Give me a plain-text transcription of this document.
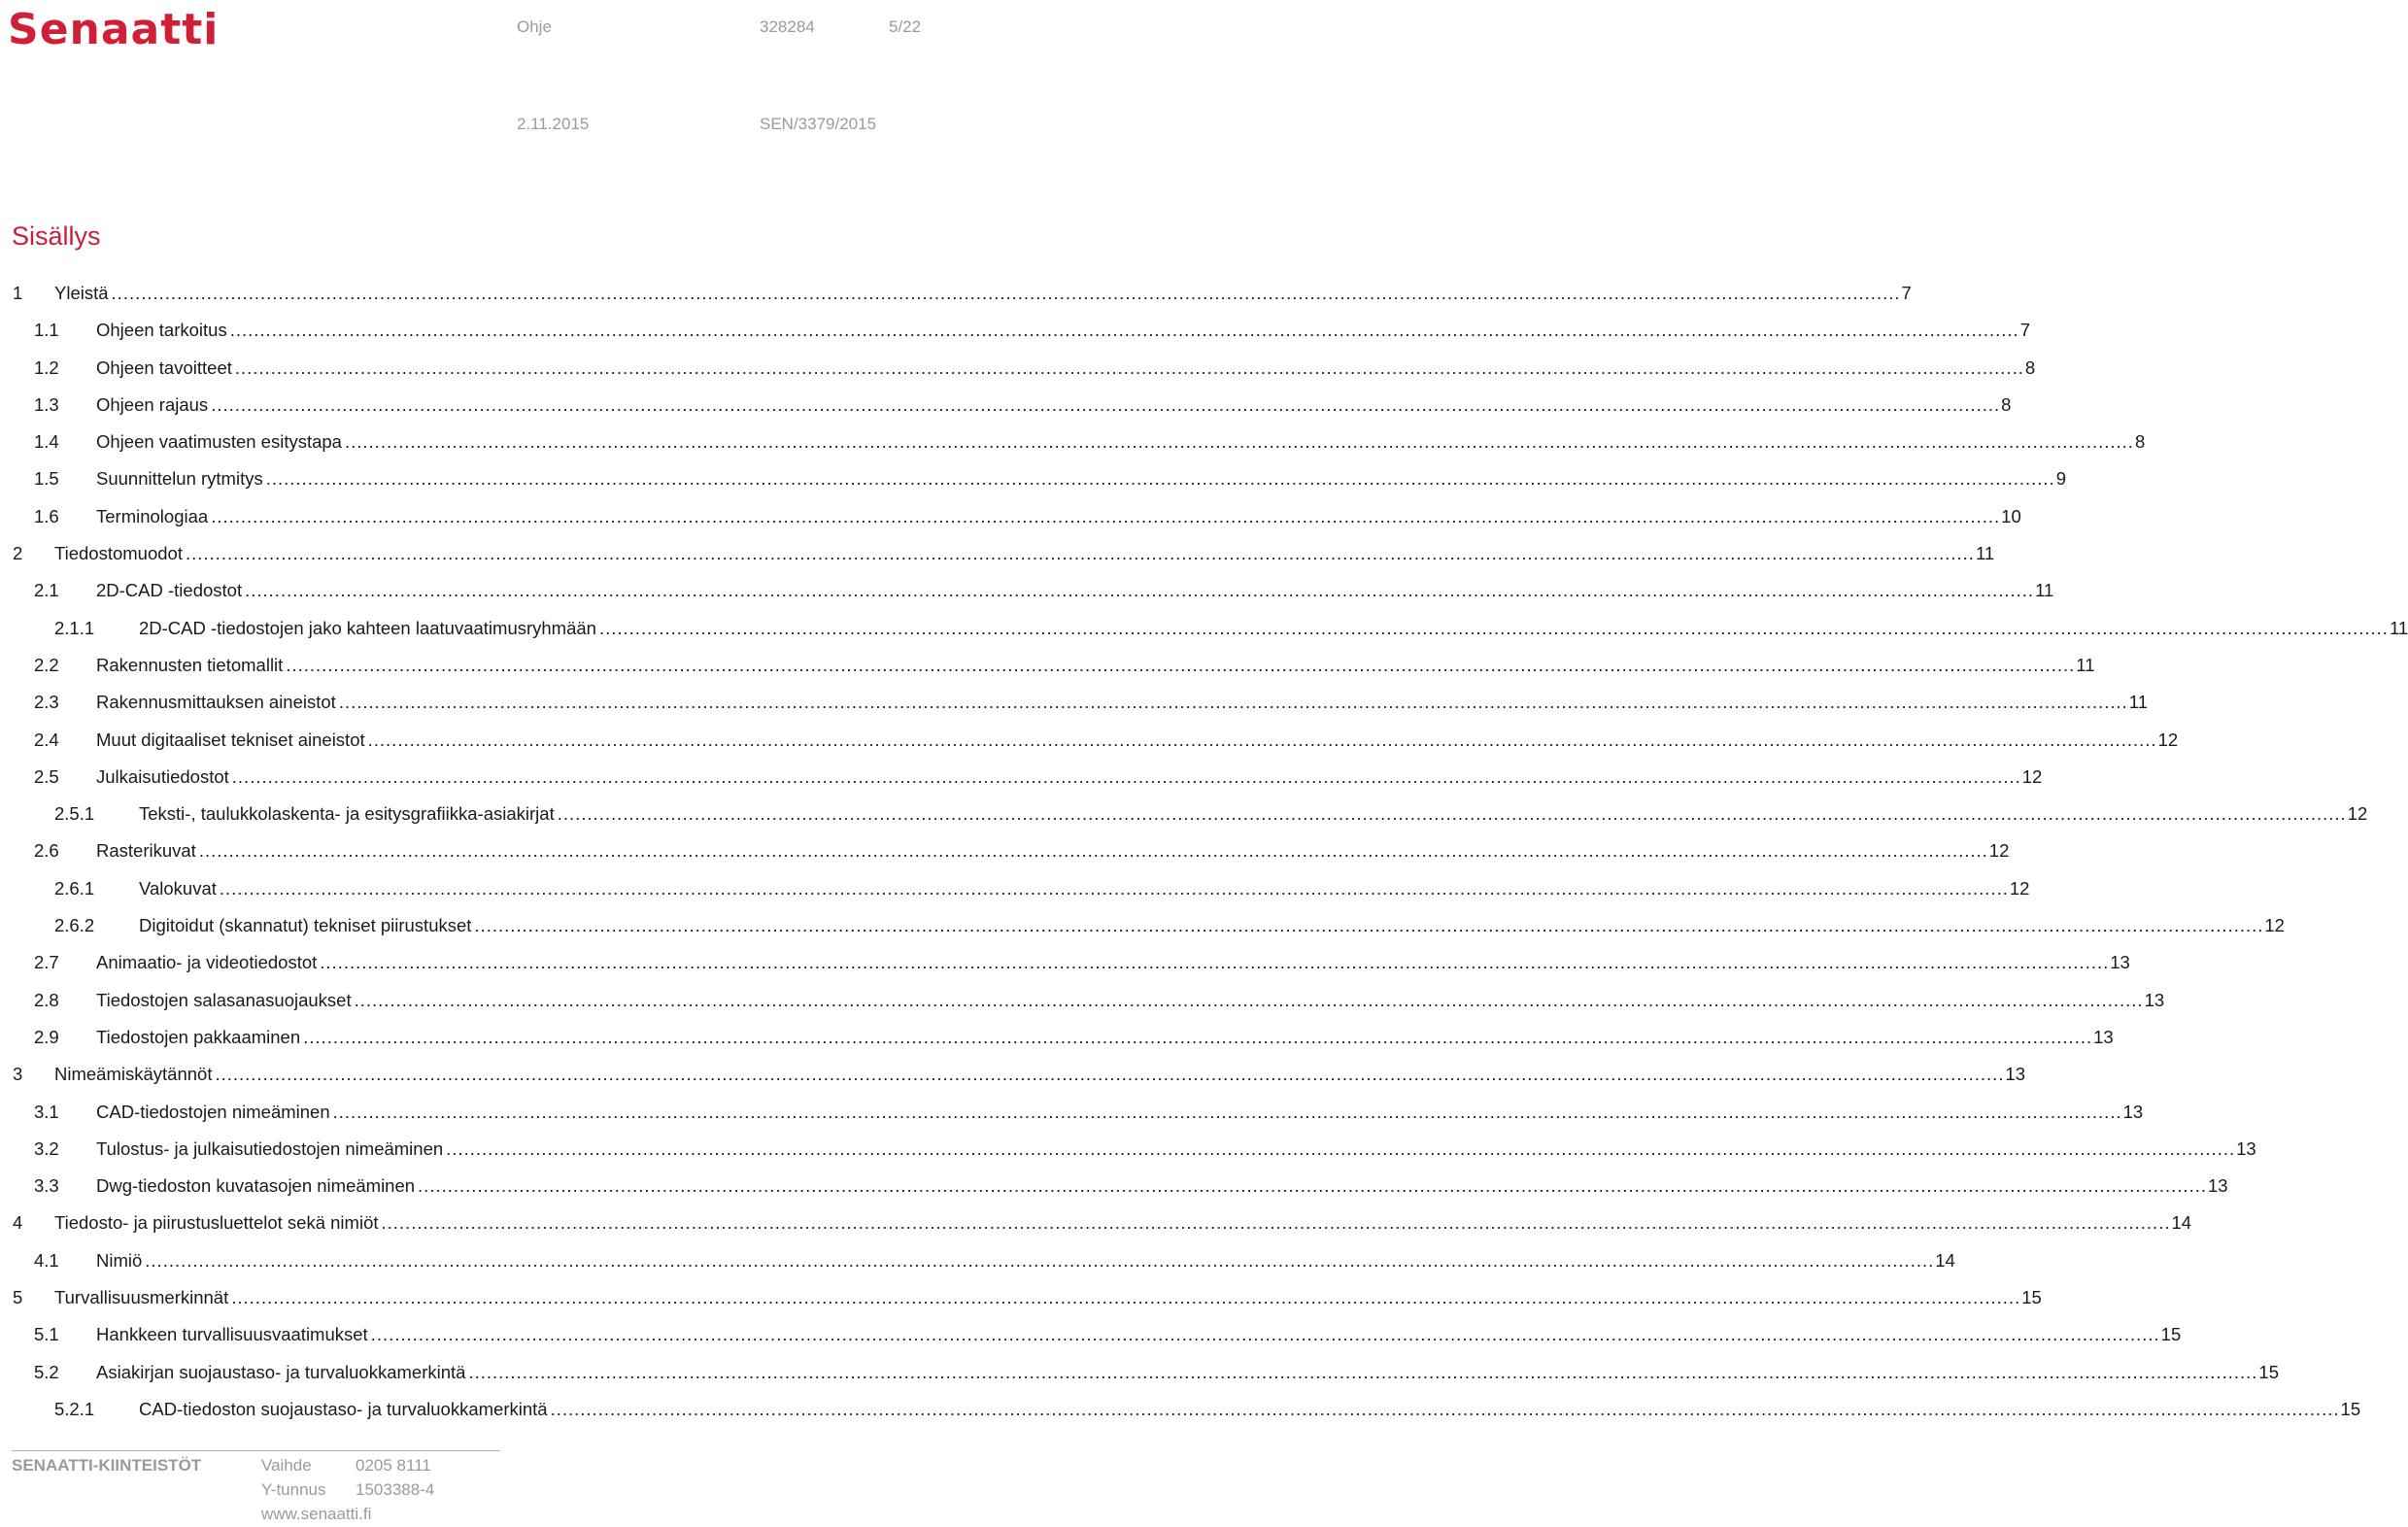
Senaatti	Ohje	328284	5/22
2.11.2015	SEN/3379/2015
Sisällys
1 Yleistä ............................................................................................................................................................................................................................................................................................................ 7
1.1 Ohjeen tarkoitus ............................................................................................................................................................................................................................................................................................................ 7
1.2 Ohjeen tavoitteet ............................................................................................................................................................................................................................................................................................................ 8
1.3 Ohjeen rajaus ............................................................................................................................................................................................................................................................................................................ 8
1.4 Ohjeen vaatimusten esitystapa ............................................................................................................................................................................................................................................................................................................ 8
1.5 Suunnittelun rytmitys ............................................................................................................................................................................................................................................................................................................ 9
1.6 Terminologiaa ............................................................................................................................................................................................................................................................................................................ 10
2 Tiedostomuodot ............................................................................................................................................................................................................................................................................................................ 11
2.1 2D-CAD -tiedostot ............................................................................................................................................................................................................................................................................................................ 11
2.1.1 2D-CAD -tiedostojen jako kahteen laatuvaatimusryhmään ............................................................................................................................................................................................................................................................................................................ 11
2.2 Rakennusten tietomallit ............................................................................................................................................................................................................................................................................................................ 11
2.3 Rakennusmittauksen aineistot ............................................................................................................................................................................................................................................................................................................ 11
2.4 Muut digitaaliset tekniset aineistot ............................................................................................................................................................................................................................................................................................................ 12
2.5 Julkaisutiedostot ............................................................................................................................................................................................................................................................................................................ 12
2.5.1 Teksti-, taulukkolaskenta- ja esitysgrafiikka-asiakirjat ............................................................................................................................................................................................................................................................................................................ 12
2.6 Rasterikuvat ............................................................................................................................................................................................................................................................................................................ 12
2.6.1 Valokuvat ............................................................................................................................................................................................................................................................................................................ 12
2.6.2 Digitoidut (skannatut) tekniset piirustukset ............................................................................................................................................................................................................................................................................................................ 12
2.7 Animaatio- ja videotiedostot ............................................................................................................................................................................................................................................................................................................ 13
2.8 Tiedostojen salasanasuojaukset ............................................................................................................................................................................................................................................................................................................ 13
2.9 Tiedostojen pakkaaminen ............................................................................................................................................................................................................................................................................................................ 13
3 Nimeämiskäytännöt ............................................................................................................................................................................................................................................................................................................ 13
3.1 CAD-tiedostojen nimeäminen ............................................................................................................................................................................................................................................................................................................ 13
3.2 Tulostus- ja julkaisutiedostojen nimeäminen ............................................................................................................................................................................................................................................................................................................ 13
3.3 Dwg-tiedoston kuvatasojen nimeäminen ............................................................................................................................................................................................................................................................................................................ 13
4 Tiedosto- ja piirustusluettelot sekä nimiöt ............................................................................................................................................................................................................................................................................................................ 14
4.1 Nimiö ............................................................................................................................................................................................................................................................................................................ 14
5 Turvallisuusmerkinnät ............................................................................................................................................................................................................................................................................................................ 15
5.1 Hankkeen turvallisuusvaatimukset ............................................................................................................................................................................................................................................................................................................ 15
5.2 Asiakirjan suojaustaso- ja turvaluokkamerkintä ............................................................................................................................................................................................................................................................................................................ 15
5.2.1 CAD-tiedoston suojaustaso- ja turvaluokkamerkintä ............................................................................................................................................................................................................................................................................................................ 15
SENAATTI-KIINTEISTÖT	Vaihde	0205 8111
Y-tunnus 1503388-4
www.senaatti.fi
